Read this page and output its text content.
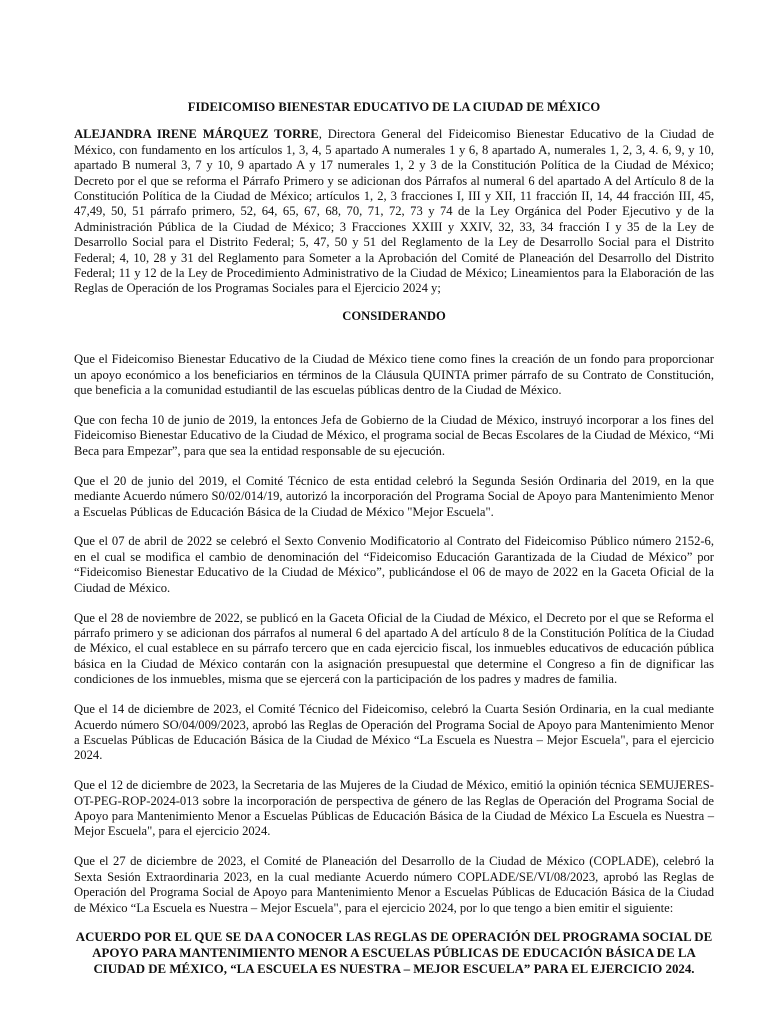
FIDEICOMISO BIENESTAR EDUCATIVO DE LA CIUDAD DE MÉXICO

ALEJANDRA IRENE MÁRQUEZ TORRE, Directora General del Fideicomiso Bienestar Educativo de la Ciudad de México, con fundamento en los artículos 1, 3, 4, 5 apartado A numerales 1 y 6, 8 apartado A, numerales 1, 2, 3, 4. 6, 9, y 10, apartado B numeral 3, 7 y 10, 9 apartado A y 17 numerales 1, 2 y 3 de la Constitución Política de la Ciudad de México; Decreto por el que se reforma el Párrafo Primero y se adicionan dos Párrafos al numeral 6 del apartado A del Artículo 8 de la Constitución Política de la Ciudad de México; artículos 1, 2, 3 fracciones I, III y XII, 11 fracción II, 14, 44 fracción III, 45, 47,49, 50, 51 párrafo primero, 52, 64, 65, 67, 68, 70, 71, 72, 73 y 74 de la Ley Orgánica del Poder Ejecutivo y de la Administración Pública de la Ciudad de México; 3 Fracciones XXIII y XXIV, 32, 33, 34 fracción I y 35 de la Ley de Desarrollo Social para el Distrito Federal; 5, 47, 50 y 51 del Reglamento de la Ley de Desarrollo Social para el Distrito Federal; 4, 10, 28 y 31 del Reglamento para Someter a la Aprobación del Comité de Planeación del Desarrollo del Distrito Federal; 11 y 12 de la Ley de Procedimiento Administrativo de la Ciudad de México; Lineamientos para la Elaboración de las Reglas de Operación de los Programas Sociales para el Ejercicio 2024 y;

CONSIDERANDO

Que el Fideicomiso Bienestar Educativo de la Ciudad de México tiene como fines la creación de un fondo para proporcionar un apoyo económico a los beneficiarios en términos de la Cláusula QUINTA primer párrafo de su Contrato de Constitución, que beneficia a la comunidad estudiantil de las escuelas públicas dentro de la Ciudad de México.

Que con fecha 10 de junio de 2019, la entonces Jefa de Gobierno de la Ciudad de México, instruyó incorporar a los fines del Fideicomiso Bienestar Educativo de la Ciudad de México, el programa social de Becas Escolares de la Ciudad de México, “Mi Beca para Empezar”, para que sea la entidad responsable de su ejecución.

Que el 20 de junio del 2019, el Comité Técnico de esta entidad celebró la Segunda Sesión Ordinaria del 2019, en la que mediante Acuerdo número S0/02/014/19, autorizó la incorporación del Programa Social de Apoyo para Mantenimiento Menor a Escuelas Públicas de Educación Básica de la Ciudad de México "Mejor Escuela".

Que el 07 de abril de 2022 se celebró el Sexto Convenio Modificatorio al Contrato del Fideicomiso Público número 2152-6, en el cual se modifica el cambio de denominación del “Fideicomiso Educación Garantizada de la Ciudad de México” por “Fideicomiso Bienestar Educativo de la Ciudad de México”, publicándose el 06 de mayo de 2022 en la Gaceta Oficial de la Ciudad de México.

Que el 28 de noviembre de 2022, se publicó en la Gaceta Oficial de la Ciudad de México, el Decreto por el que se Reforma el párrafo primero y se adicionan dos párrafos al numeral 6 del apartado A del artículo 8 de la Constitución Política de la Ciudad de México, el cual establece en su párrafo tercero que en cada ejercicio fiscal, los inmuebles educativos de educación pública básica en la Ciudad de México contarán con la asignación presupuestal que determine el Congreso a fin de dignificar las condiciones de los inmuebles, misma que se ejercerá con la participación de los padres y madres de familia.

Que el 14 de diciembre de 2023, el Comité Técnico del Fideicomiso, celebró la Cuarta Sesión Ordinaria, en la cual mediante Acuerdo número SO/04/009/2023, aprobó las Reglas de Operación del Programa Social de Apoyo para Mantenimiento Menor a Escuelas Públicas de Educación Básica de la Ciudad de México “La Escuela es Nuestra – Mejor Escuela", para el ejercicio 2024.

Que el 12 de diciembre de 2023, la Secretaria de las Mujeres de la Ciudad de México, emitió la opinión técnica SEMUJERES-OT-PEG-ROP-2024-013 sobre la incorporación de perspectiva de género de las Reglas de Operación del Programa Social de Apoyo para Mantenimiento Menor a Escuelas Públicas de Educación Básica de la Ciudad de México La Escuela es Nuestra – Mejor Escuela", para el ejercicio 2024.

Que el 27 de diciembre de 2023, el Comité de Planeación del Desarrollo de la Ciudad de México (COPLADE), celebró la Sexta Sesión Extraordinaria 2023, en la cual mediante Acuerdo número COPLADE/SE/VI/08/2023, aprobó las Reglas de Operación del Programa Social de Apoyo para Mantenimiento Menor a Escuelas Públicas de Educación Básica de la Ciudad de México “La Escuela es Nuestra – Mejor Escuela", para el ejercicio 2024, por lo que tengo a bien emitir el siguiente:

ACUERDO POR EL QUE SE DA A CONOCER LAS REGLAS DE OPERACIÓN DEL PROGRAMA SOCIAL DE APOYO PARA MANTENIMIENTO MENOR A ESCUELAS PÚBLICAS DE EDUCACIÓN BÁSICA DE LA CIUDAD DE MÉXICO, “LA ESCUELA ES NUESTRA – MEJOR ESCUELA” PARA EL EJERCICIO 2024.
